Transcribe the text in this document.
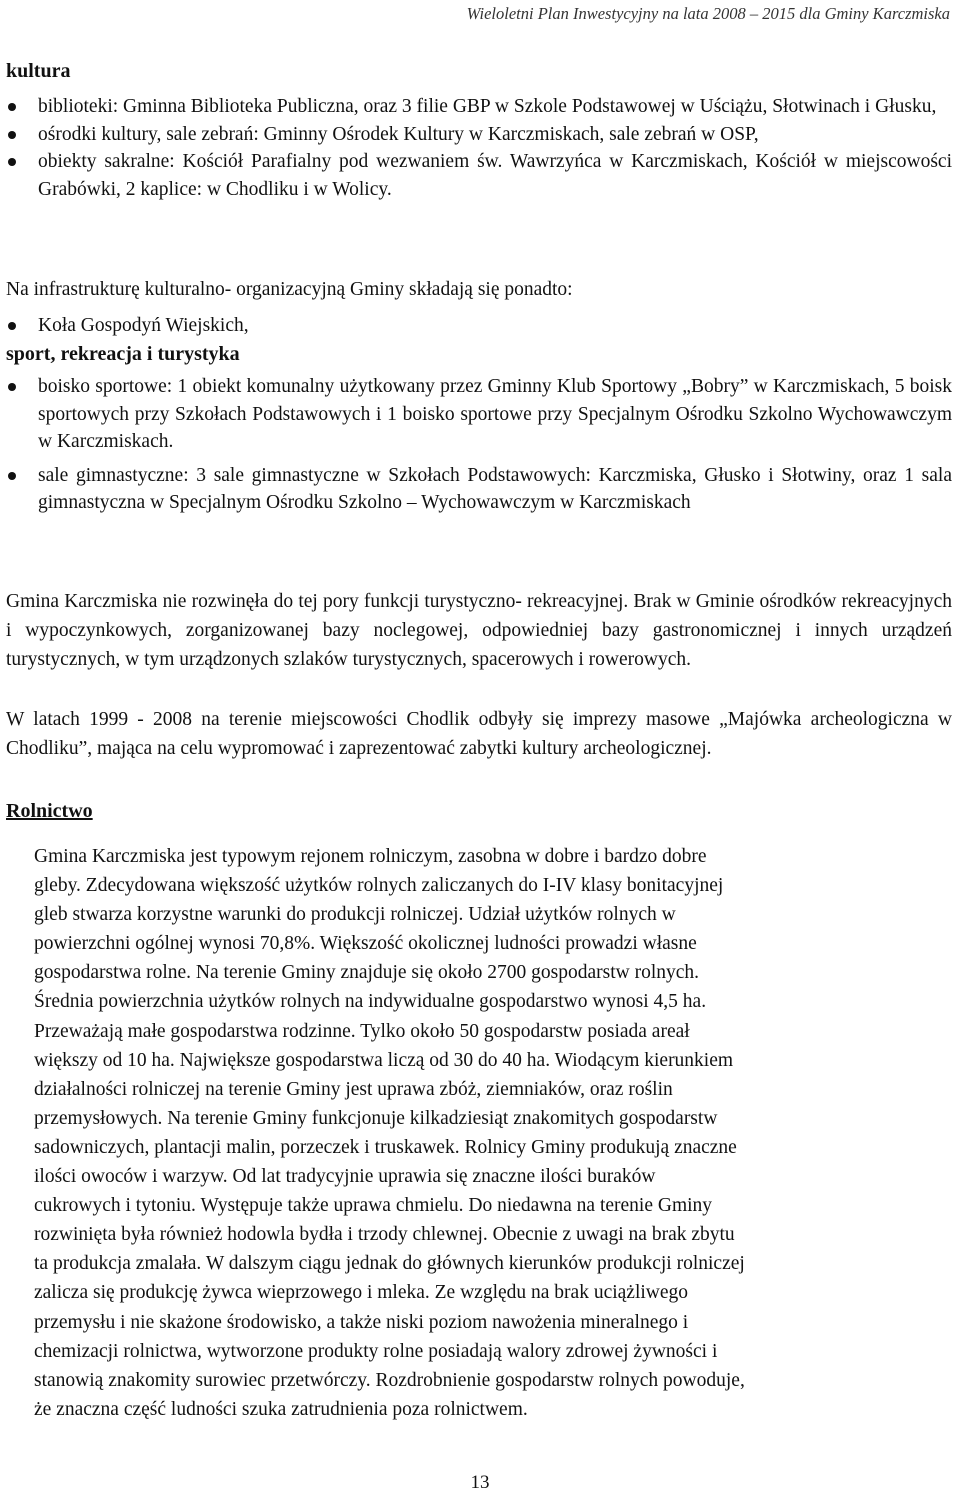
Wieloletni Plan Inwestycyjny na lata 2008 – 2015 dla Gminy Karczmiska
kultura
biblioteki: Gminna Biblioteka Publiczna, oraz 3 filie GBP w Szkole Podstawowej w Uściążu, Słotwinach i Głusku,
ośrodki kultury, sale zebrań: Gminny Ośrodek Kultury w Karczmiskach, sale zebrań w OSP,
obiekty sakralne: Kościół Parafialny pod wezwaniem św. Wawrzyńca w Karczmiskach, Kościół w miejscowości Grabówki, 2 kaplice: w Chodliku i w Wolicy.

Na infrastrukturę kulturalno- organizacyjną Gminy składają się ponadto:

Koła Gospodyń Wiejskich,
sport, rekreacja i turystyka
boisko sportowe: 1 obiekt komunalny użytkowany przez Gminny Klub Sportowy „Bobry” w Karczmiskach, 5 boisk sportowych przy Szkołach Podstawowych i 1 boisko sportowe przy Specjalnym Ośrodku Szkolno Wychowawczym w Karczmiskach.
sale gimnastyczne: 3 sale gimnastyczne w Szkołach Podstawowych: Karczmiska, Głusko i Słotwiny, oraz 1 sala gimnastyczna w Specjalnym Ośrodku Szkolno – Wychowawczym w Karczmiskach

Gmina Karczmiska nie rozwinęła do tej pory funkcji turystyczno- rekreacyjnej. Brak w Gminie ośrodków rekreacyjnych i wypoczynkowych, zorganizowanej bazy noclegowej, odpowiedniej bazy gastronomicznej i innych urządzeń turystycznych, w tym urządzonych szlaków turystycznych, spacerowych i rowerowych.

W latach 1999 - 2008 na terenie miejscowości Chodlik odbyły się imprezy masowe „Majówka archeologiczna w Chodliku”, mająca na celu wypromować i zaprezentować zabytki kultury archeologicznej.

Rolnictwo

Gmina Karczmiska jest typowym rejonem rolniczym, zasobna w dobre i bardzo dobre
gleby. Zdecydowana większość użytków rolnych zaliczanych do I-IV klasy bonitacyjnej
gleb stwarza korzystne warunki do produkcji rolniczej. Udział użytków rolnych w
powierzchni ogólnej wynosi 70,8%. Większość okolicznej ludności prowadzi własne
gospodarstwa rolne. Na terenie Gminy znajduje się około 2700 gospodarstw rolnych.
Średnia powierzchnia użytków rolnych na indywidualne gospodarstwo wynosi 4,5 ha.
Przeważają małe gospodarstwa rodzinne. Tylko około 50 gospodarstw posiada areał
większy od 10 ha. Największe gospodarstwa liczą od 30 do 40 ha. Wiodącym kierunkiem
działalności rolniczej na terenie Gminy jest uprawa zbóż, ziemniaków, oraz roślin
przemysłowych. Na terenie Gminy funkcjonuje kilkadziesiąt znakomitych gospodarstw
sadowniczych, plantacji malin, porzeczek i truskawek. Rolnicy Gminy produkują znaczne
ilości owoców i warzyw. Od lat tradycyjnie uprawia się znaczne ilości buraków
cukrowych i tytoniu. Występuje także uprawa chmielu. Do niedawna na terenie Gminy
rozwinięta była również hodowla bydła i trzody chlewnej. Obecnie z uwagi na brak zbytu
ta produkcja zmalała. W dalszym ciągu jednak do głównych kierunków produkcji rolniczej
zalicza się produkcję żywca wieprzowego i mleka. Ze względu na brak uciążliwego
przemysłu i nie skażone środowisko, a także niski poziom nawożenia mineralnego i
chemizacji rolnictwa, wytworzone produkty rolne posiadają walory zdrowej żywności i
stanowią znakomity surowiec przetwórczy. Rozdrobnienie gospodarstw rolnych powoduje,
że znaczna część ludności szuka zatrudnienia poza rolnictwem.

13
